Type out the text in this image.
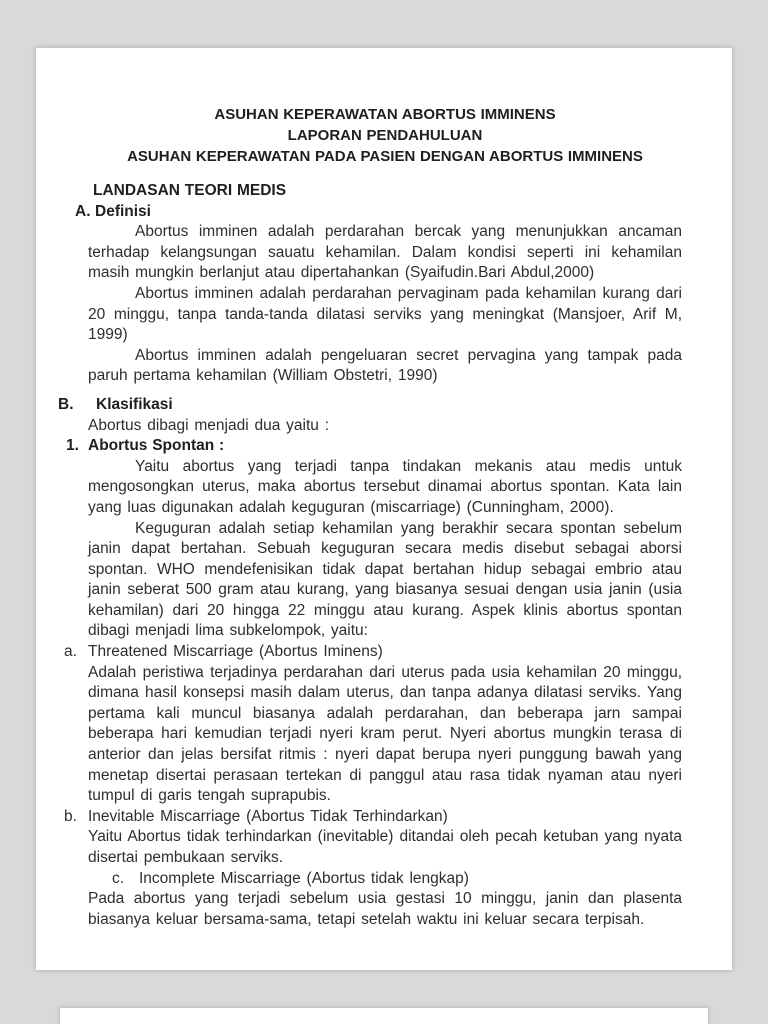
ASUHAN KEPERAWATAN ABORTUS IMMINENS
LAPORAN PENDAHULUAN
ASUHAN KEPERAWATAN PADA PASIEN DENGAN ABORTUS IMMINENS
LANDASAN TEORI MEDIS
A. Definisi

Abortus imminen adalah perdarahan bercak yang menunjukkan ancaman terhadap kelangsungan sauatu kehamilan. Dalam kondisi seperti ini kehamilan masih mungkin berlanjut atau dipertahankan (Syaifudin.Bari Abdul,2000)

Abortus imminen adalah perdarahan pervaginam pada kehamilan kurang dari 20 minggu, tanpa tanda-tanda dilatasi serviks yang meningkat (Mansjoer, Arif M, 1999)

Abortus imminen adalah pengeluaran secret pervagina yang tampak pada paruh pertama kehamilan (William Obstetri, 1990)

B.	Klasifikasi

Abortus dibagi menjadi dua yaitu :

1. Abortus Spontan :

Yaitu abortus yang terjadi tanpa tindakan mekanis atau medis untuk mengosongkan uterus, maka abortus tersebut dinamai abortus spontan. Kata lain yang luas digunakan adalah keguguran (miscarriage) (Cunningham, 2000).

Keguguran adalah setiap kehamilan yang berakhir secara spontan sebelum janin dapat bertahan. Sebuah keguguran secara medis disebut sebagai aborsi spontan. WHO mendefenisikan tidak dapat bertahan hidup sebagai embrio atau janin seberat 500 gram atau kurang, yang biasanya sesuai dengan usia janin (usia kehamilan) dari 20 hingga 22 minggu atau kurang. Aspek klinis abortus spontan dibagi menjadi lima subkelompok, yaitu:

a. Threatened Miscarriage (Abortus Iminens)

Adalah peristiwa terjadinya perdarahan dari uterus pada usia kehamilan 20 minggu, dimana hasil konsepsi masih dalam uterus, dan tanpa adanya dilatasi serviks. Yang pertama kali muncul biasanya adalah perdarahan, dan beberapa jarn sampai beberapa hari kemudian terjadi nyeri kram perut. Nyeri abortus mungkin terasa di anterior dan jelas bersifat ritmis : nyeri dapat berupa nyeri punggung bawah yang menetap disertai perasaan tertekan di panggul atau rasa tidak nyaman atau nyeri tumpul di garis tengah suprapubis.

b. Inevitable Miscarriage (Abortus Tidak Terhindarkan)

Yaitu Abortus tidak terhindarkan (inevitable) ditandai oleh pecah ketuban yang nyata disertai pembukaan serviks.

c. Incomplete Miscarriage (Abortus tidak lengkap)

Pada abortus yang terjadi sebelum usia gestasi 10 minggu, janin dan plasenta biasanya keluar bersama-sama, tetapi setelah waktu ini keluar secara terpisah.
